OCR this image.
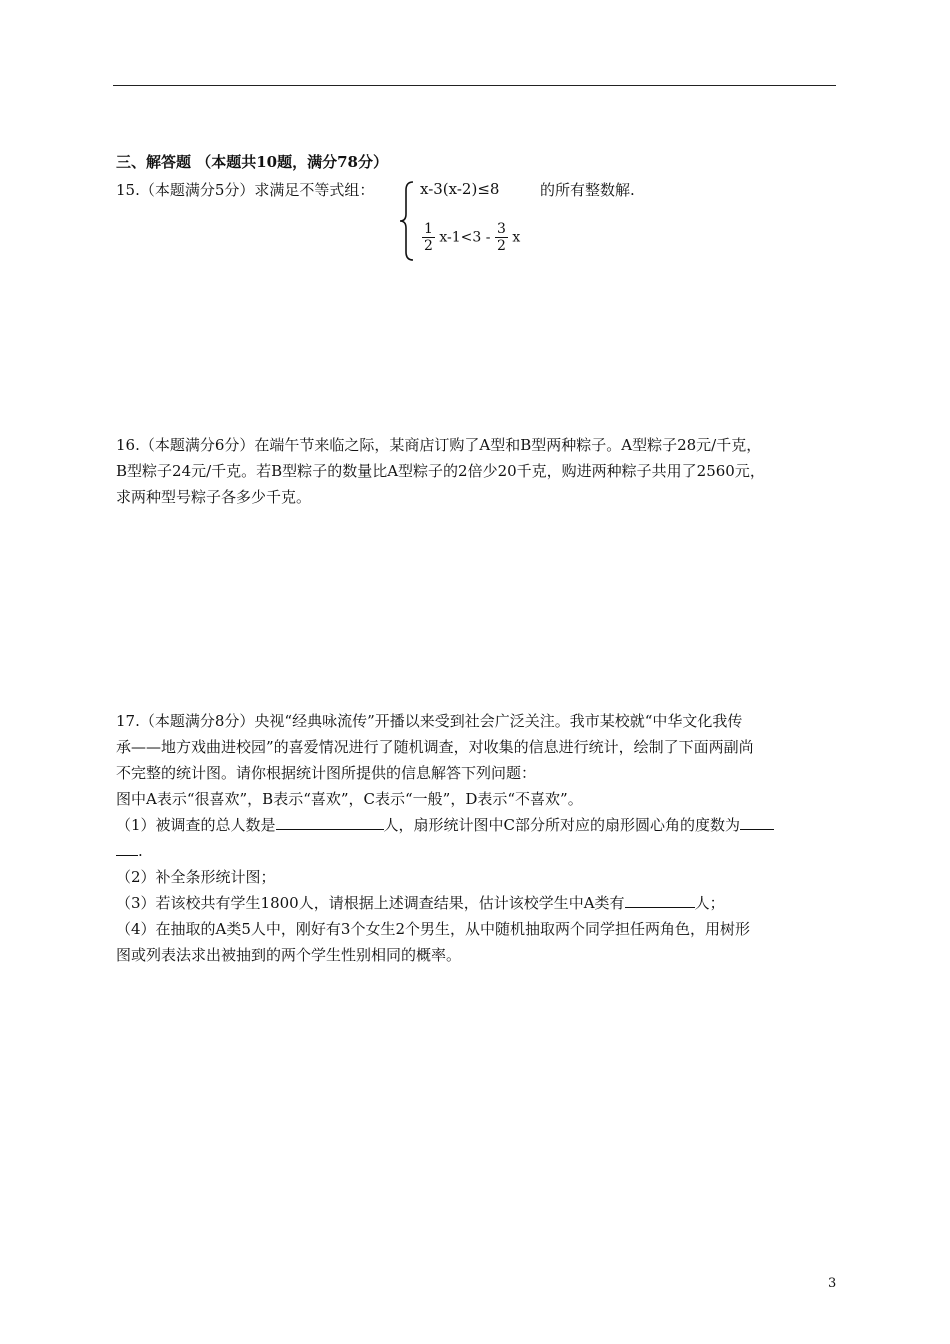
三、解答题 （本题共10题，满分78分）
15.（本题满分5分）求满足不等式组：	x-3(x-2)≤8	的所有整数解.
$\frac{1}{2} x-1<3 - \frac{3}{2}$ x

16.（本题满分6分）在端午节来临之际，某商店订购了A型和B型两种粽子。A型粽子28元/千克，

B型粽子24元/千克。若B型粽子的数量比A型粽子的2倍少20千克，购进两种粽子共用了2560元，

求两种型号粽子各多少千克。

17.（本题满分8分）央视“经典咏流传”开播以来受到社会广泛关注。我市某校就“中华文化我传

承——地方戏曲进校园”的喜爱情况进行了随机调查，对收集的信息进行统计，绘制了下面两副尚

不完整的统计图。请你根据统计图所提供的信息解答下列问题：

图中A表示“很喜欢”，B表示“喜欢”，C表示“一般”，D表示“不喜欢”。

（1）被调查的总人数是	人，扇形统计图中C部分所对应的扇形圆心角的度数为

.

（2）补全条形统计图；

（3）若该校共有学生1800人，请根据上述调查结果，估计该校学生中A类有	人；

（4）在抽取的A类5人中，刚好有3个女生2个男生，从中随机抽取两个同学担任两角色，用树形

图或列表法求出被抽到的两个学生性别相同的概率。

3
